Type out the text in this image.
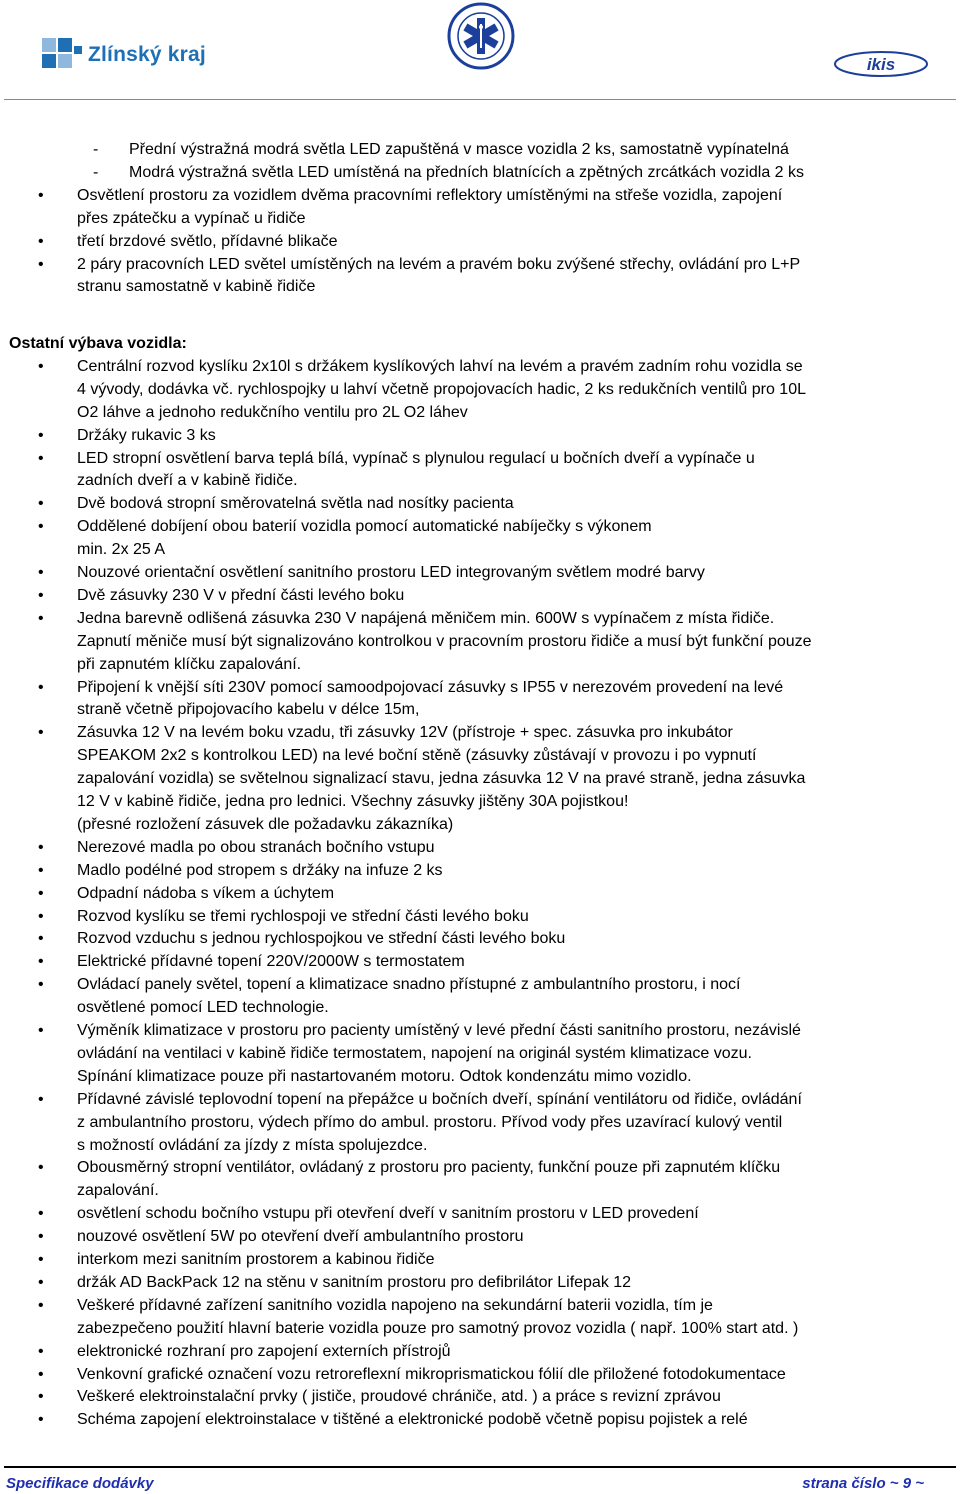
Zlínský kraj	ikis
- Přední výstražná modrá světla LED zapuštěná v masce vozidla 2 ks, samostatně vypínatelná
- Modrá výstražná světla LED umístěná na předních blatnících a zpětných zrcátkách vozidla 2 ks
• Osvětlení prostoru za vozidlem dvěma pracovními reflektory umístěnými na střeše vozidla, zapojení
přes zpátečku a vypínač u řidiče
• třetí brzdové světlo, přídavné blikače
• 2 páry pracovních LED světel umístěných na levém a pravém boku zvýšené střechy, ovládání pro L+P
stranu samostatně v kabině řidiče
Ostatní výbava vozidla:
• Centrální rozvod kyslíku 2x10l s držákem kyslíkových lahví na levém a pravém zadním rohu vozidla se
4 vývody, dodávka vč. rychlospojky u lahví včetně propojovacích hadic, 2 ks redukčních ventilů pro 10L
O2 láhve a jednoho redukčního ventilu pro 2L O2 láhev
• Držáky rukavic 3 ks
• LED stropní osvětlení barva teplá bílá, vypínač s plynulou regulací u bočních dveří a vypínače u
zadních dveří a v kabině řidiče.
• Dvě bodová stropní směrovatelná světla nad nosítky pacienta
• Oddělené dobíjení obou baterií vozidla pomocí automatické nabíječky s výkonem
min. 2x 25 A
• Nouzové orientační osvětlení sanitního prostoru LED integrovaným světlem modré barvy
• Dvě zásuvky 230 V v přední části levého boku
• Jedna barevně odlišená zásuvka 230 V napájená měničem min. 600W s vypínačem z místa řidiče.
Zapnutí měniče musí být signalizováno kontrolkou v pracovním prostoru řidiče a musí být funkční pouze
při zapnutém klíčku zapalování.
• Připojení k vnější síti 230V pomocí samoodpojovací zásuvky s IP55 v nerezovém provedení na levé
straně včetně připojovacího kabelu v délce 15m,
• Zásuvka 12 V na levém boku vzadu, tři zásuvky 12V (přístroje + spec. zásuvka pro inkubátor
SPEAKOM 2x2 s kontrolkou LED) na levé boční stěně (zásuvky zůstávají v provozu i po vypnutí
zapalování vozidla) se světelnou signalizací stavu, jedna zásuvka 12 V na pravé straně, jedna zásuvka
12 V v kabině řidiče, jedna pro lednici. Všechny zásuvky jištěny 30A pojistkou!
(přesné rozložení zásuvek dle požadavku zákazníka)
• Nerezové madla po obou stranách bočního vstupu
• Madlo podélné pod stropem s držáky na infuze 2 ks
• Odpadní nádoba s víkem a úchytem
• Rozvod kyslíku se třemi rychlospoji ve střední části levého boku
• Rozvod vzduchu s jednou rychlospojkou ve střední části levého boku
• Elektrické přídavné topení 220V/2000W s termostatem
• Ovládací panely světel, topení a klimatizace snadno přístupné z ambulantního prostoru, i nocí
osvětlené pomocí LED technologie.
• Výměník klimatizace v prostoru pro pacienty umístěný v levé přední části sanitního prostoru, nezávislé
ovládání na ventilaci v kabině řidiče termostatem, napojení na originál systém klimatizace vozu.
Spínání klimatizace pouze při nastartovaném motoru. Odtok kondenzátu mimo vozidlo.
• Přídavné závislé teplovodní topení na přepážce u bočních dveří, spínání ventilátoru od řidiče, ovládání
z ambulantního prostoru, výdech přímo do ambul. prostoru. Přívod vody přes uzavírací kulový ventil
s možností ovládání za jízdy z místa spolujezdce.
• Obousměrný stropní ventilátor, ovládaný z prostoru pro pacienty, funkční pouze při zapnutém klíčku
zapalování.
• osvětlení schodu bočního vstupu při otevření dveří v sanitním prostoru v LED provedení
• nouzové osvětlení 5W po otevření dveří ambulantního prostoru
• interkom mezi sanitním prostorem a kabinou řidiče
• držák AD BackPack 12 na stěnu v sanitním prostoru pro defibrilátor Lifepak 12
• Veškeré přídavné zařízení sanitního vozidla napojeno na sekundární baterii vozidla, tím je
zabezpečeno použití hlavní baterie vozidla pouze pro samotný provoz vozidla ( např. 100% start atd. )
• elektronické rozhraní pro zapojení externích přístrojů
• Venkovní grafické označení vozu retroreflexní mikroprismatickou fólií dle přiložené fotodokumentace
• Veškeré elektroinstalační prvky ( jističe, proudové chrániče, atd. ) a práce s revizní zprávou
• Schéma zapojení elektroinstalace v tištěné a elektronické podobě včetně popisu pojistek a relé
Specifikace dodávky	strana číslo ~ 9 ~
